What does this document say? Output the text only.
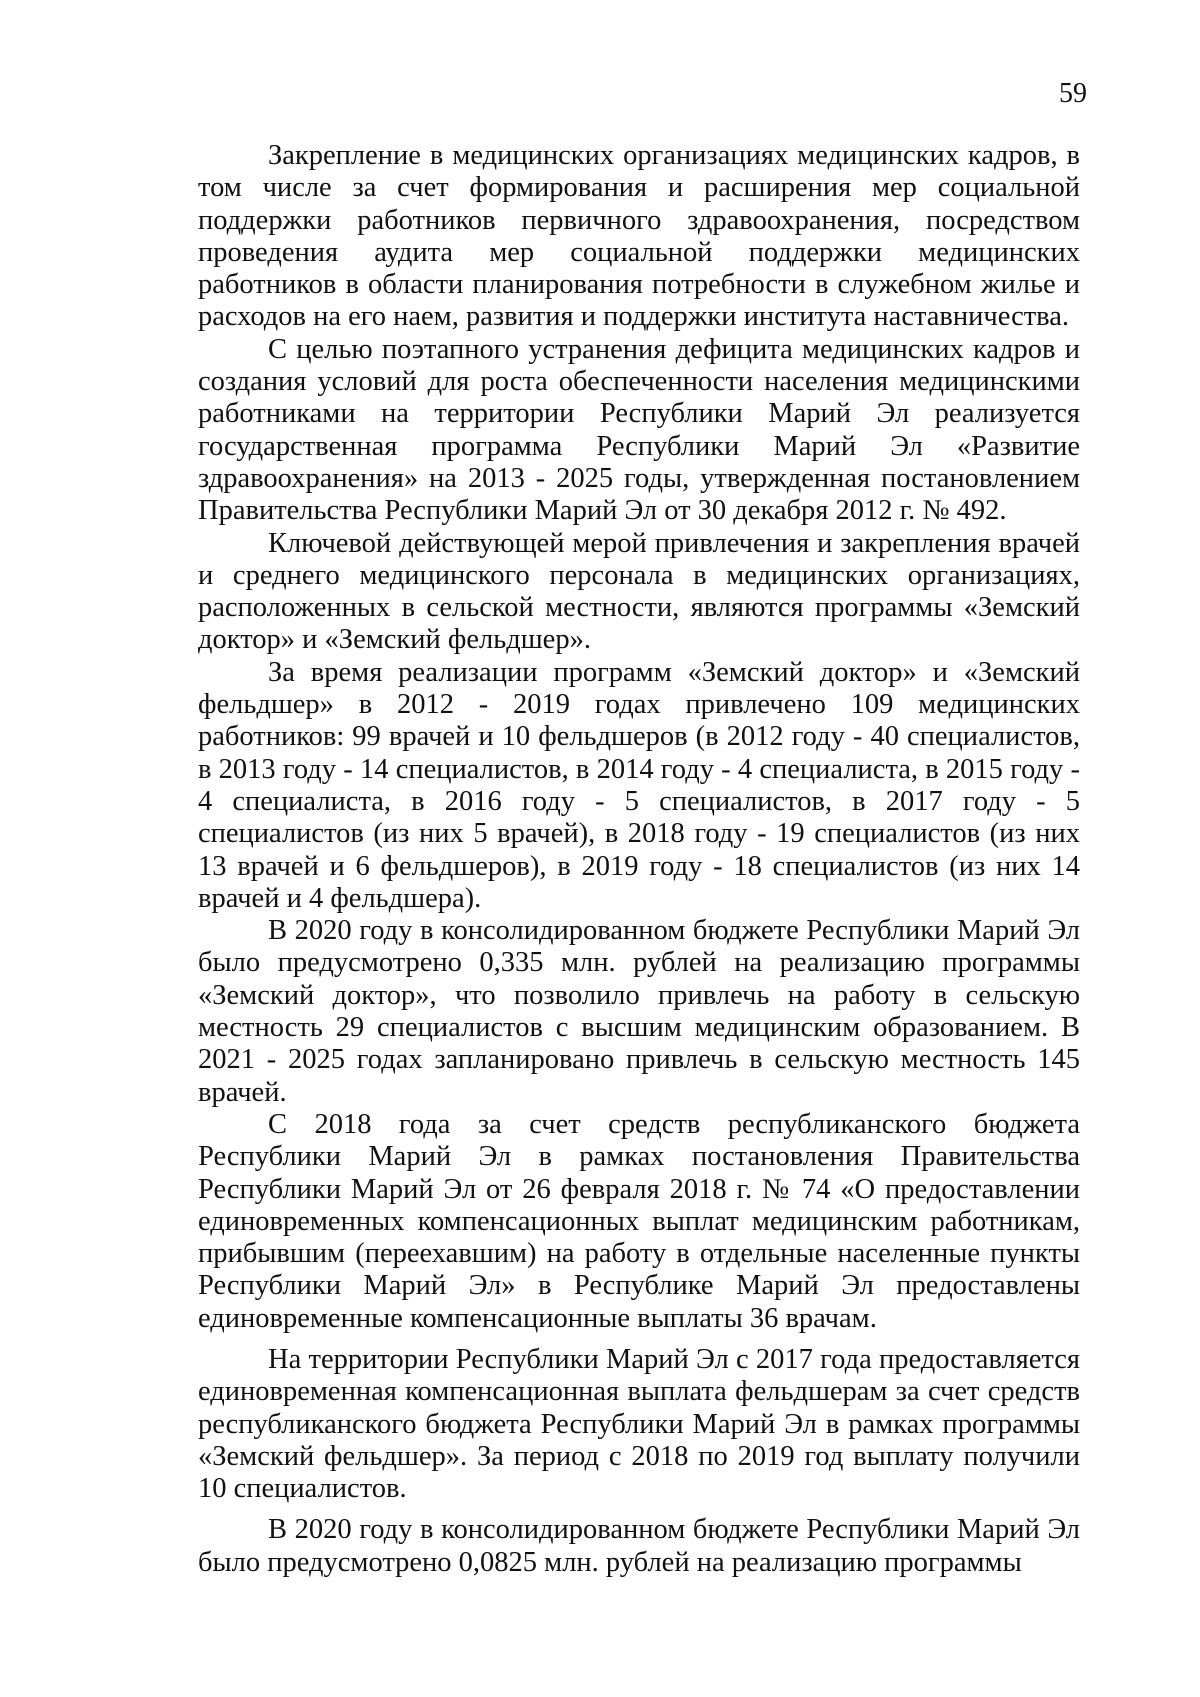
59

Закрепление в медицинских организациях медицинских кадров, в том числе за счет формирования и расширения мер социальной поддержки работников первичного здравоохранения, посредством проведения аудита мер социальной поддержки медицинских работников в области планирования потребности в служебном жилье и расходов на его наем, развития и поддержки института наставничества.

С целью поэтапного устранения дефицита медицинских кадров и создания условий для роста обеспеченности населения медицинскими работниками на территории Республики Марий Эл реализуется государственная программа Республики Марий Эл «Развитие здравоохранения» на 2013 - 2025 годы, утвержденная постановлением Правительства Республики Марий Эл от 30 декабря 2012 г. № 492.

Ключевой действующей мерой привлечения и закрепления врачей и среднего медицинского персонала в медицинских организациях, расположенных в сельской местности, являются программы «Земский доктор» и «Земский фельдшер».

За время реализации программ «Земский доктор» и «Земский фельдшер» в 2012 - 2019 годах привлечено 109 медицинских работников: 99 врачей и 10 фельдшеров (в 2012 году - 40 специалистов, в 2013 году - 14 специалистов, в 2014 году - 4 специалиста, в 2015 году - 4 специалиста, в 2016 году - 5 специалистов, в 2017 году - 5 специалистов (из них 5 врачей), в 2018 году - 19 специалистов (из них 13 врачей и 6 фельдшеров), в 2019 году - 18 специалистов (из них 14 врачей и 4 фельдшера).

В 2020 году в консолидированном бюджете Республики Марий Эл было предусмотрено 0,335 млн. рублей на реализацию программы «Земский доктор», что позволило привлечь на работу в сельскую местность 29 специалистов с высшим медицинским образованием. В 2021 - 2025 годах запланировано привлечь в сельскую местность 145 врачей.

С 2018 года за счет средств республиканского бюджета Республики Марий Эл в рамках постановления Правительства Республики Марий Эл от 26 февраля 2018 г. № 74 «О предоставлении единовременных компенсационных выплат медицинским работникам, прибывшим (переехавшим) на работу в отдельные населенные пункты Республики Марий Эл» в Республике Марий Эл предоставлены единовременные компенсационные выплаты 36 врачам.

На территории Республики Марий Эл с 2017 года предоставляется единовременная компенсационная выплата фельдшерам за счет средств республиканского бюджета Республики Марий Эл в рамках программы «Земский фельдшер». За период с 2018 по 2019 год выплату получили 10 специалистов.

В 2020 году в консолидированном бюджете Республики Марий Эл было предусмотрено 0,0825 млн. рублей на реализацию программы
